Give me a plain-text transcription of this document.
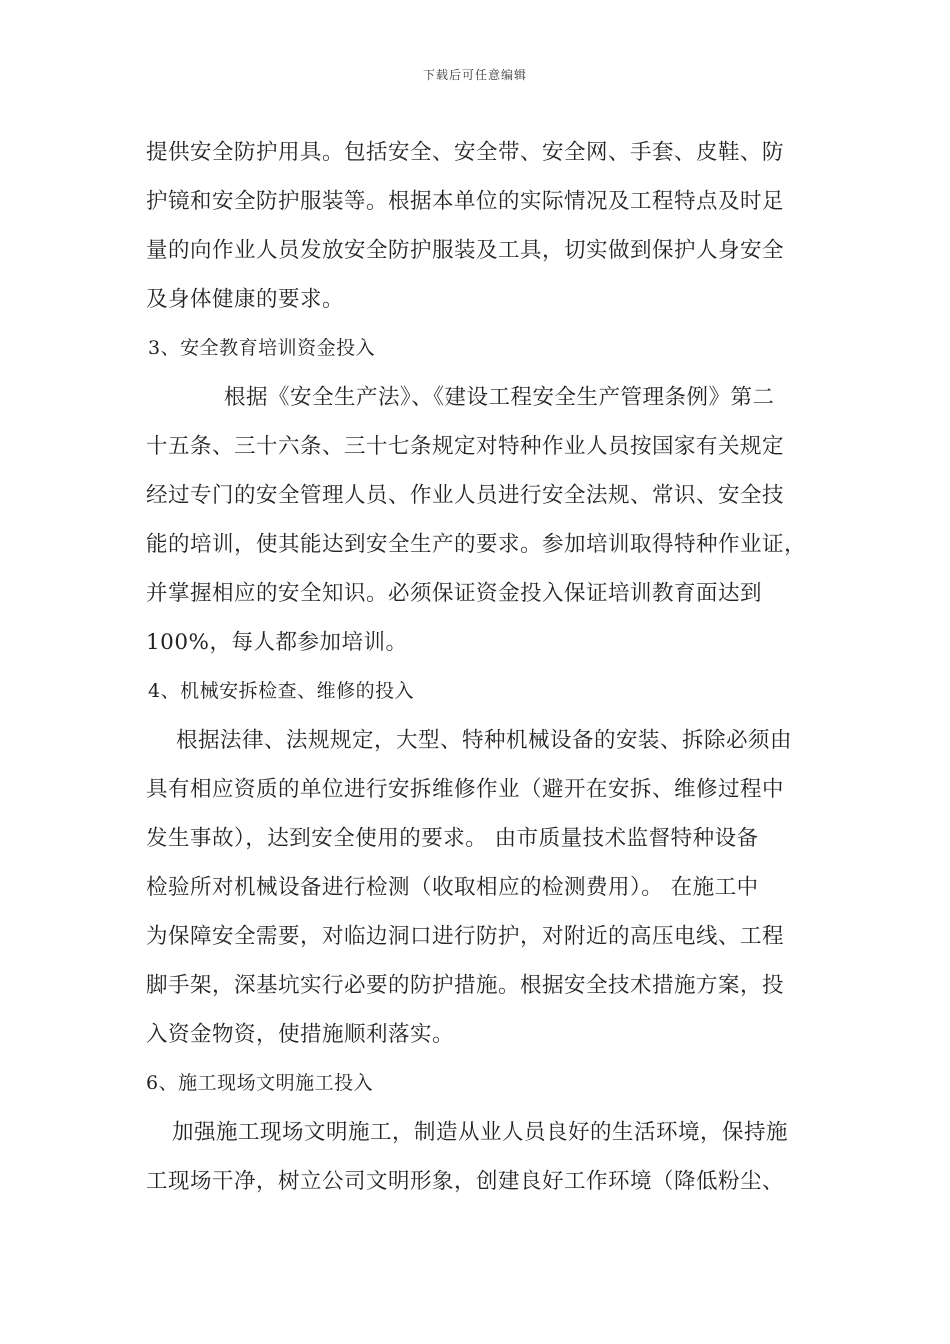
下载后可任意编辑
提供安全防护用具。包括安全、安全带、安全网、手套、皮鞋、防
护镜和安全防护服装等。根据本单位的实际情况及工程特点及时足
量的向作业人员发放安全防护服装及工具，切实做到保护人身安全
及身体健康的要求。
3、安全教育培训资金投入
根据《安全生产法》、《建设工程安全生产管理条例》第二
十五条、三十六条、三十七条规定对特种作业人员按国家有关规定
经过专门的安全管理人员、作业人员进行安全法规、常识、安全技
能的培训，使其能达到安全生产的要求。参加培训取得特种作业证，
并掌握相应的安全知识。必须保证资金投入保证培训教育面达到
100%，每人都参加培训。
4、机械安拆检查、维修的投入
根据法律、法规规定，大型、特种机械设备的安装、拆除必须由
具有相应资质的单位进行安拆维修作业（避开在安拆、维修过程中
发生事故），达到安全使用的要求。 由市质量技术监督特种设备
检验所对机械设备进行检测（收取相应的检测费用）。 在施工中
为保障安全需要，对临边洞口进行防护，对附近的高压电线、工程
脚手架，深基坑实行必要的防护措施。根据安全技术措施方案，投
入资金物资，使措施顺利落实。
6、施工现场文明施工投入
加强施工现场文明施工，制造从业人员良好的生活环境，保持施
工现场干净，树立公司文明形象，创建良好工作环境（降低粉尘、
